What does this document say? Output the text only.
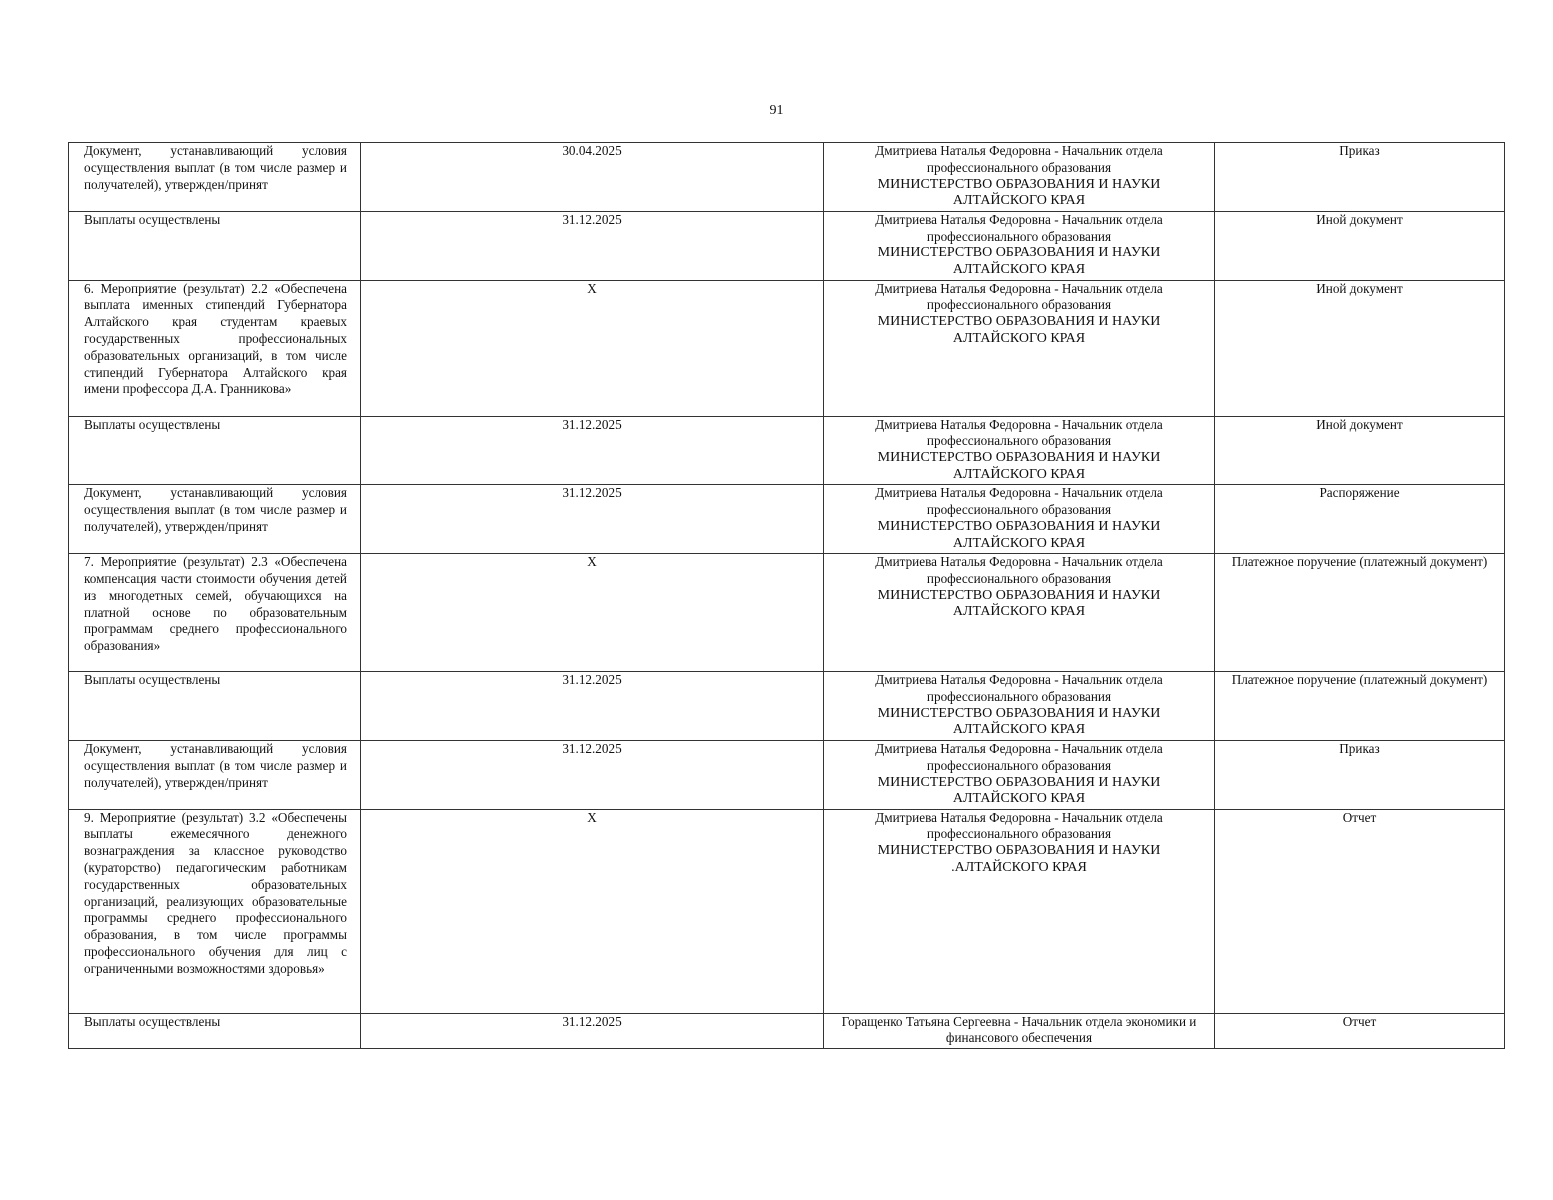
91
Документ, устанавливающий условия осуществления выплат (в том числе размер и получателей), утвержден/принят	30.04.2025	Дмитриева Наталья Федоровна - Начальник отдела профессионального образования
МИНИСТЕРСТВО ОБРАЗОВАНИЯ И НАУКИ АЛТАЙСКОГО КРАЯ	Приказ
Выплаты осуществлены	31.12.2025	Дмитриева Наталья Федоровна - Начальник отдела профессионального образования
МИНИСТЕРСТВО ОБРАЗОВАНИЯ И НАУКИ АЛТАЙСКОГО КРАЯ	Иной документ
6. Мероприятие (результат) 2.2 «Обеспечена выплата именных стипендий Губернатора Алтайского края студентам краевых государственных профессиональных образовательных организаций, в том числе стипендий Губернатора Алтайского края имени профессора Д.А. Гранникова»	X	Дмитриева Наталья Федоровна - Начальник отдела профессионального образования
МИНИСТЕРСТВО ОБРАЗОВАНИЯ И НАУКИ АЛТАЙСКОГО КРАЯ	Иной документ
Выплаты осуществлены	31.12.2025	Дмитриева Наталья Федоровна - Начальник отдела профессионального образования
МИНИСТЕРСТВО ОБРАЗОВАНИЯ И НАУКИ АЛТАЙСКОГО КРАЯ	Иной документ
Документ, устанавливающий условия осуществления выплат (в том числе размер и получателей), утвержден/принят	31.12.2025	Дмитриева Наталья Федоровна - Начальник отдела профессионального образования
МИНИСТЕРСТВО ОБРАЗОВАНИЯ И НАУКИ АЛТАЙСКОГО КРАЯ	Распоряжение
7. Мероприятие (результат) 2.3 «Обеспечена компенсация части стоимости обучения детей из многодетных семей, обучающихся на платной основе по образовательным программам среднего профессионального образования»	X	Дмитриева Наталья Федоровна - Начальник отдела профессионального образования
МИНИСТЕРСТВО ОБРАЗОВАНИЯ И НАУКИ АЛТАЙСКОГО КРАЯ	Платежное поручение (платежный документ)
Выплаты осуществлены	31.12.2025	Дмитриева Наталья Федоровна - Начальник отдела профессионального образования
МИНИСТЕРСТВО ОБРАЗОВАНИЯ И НАУКИ АЛТАЙСКОГО КРАЯ	Платежное поручение (платежный документ)
Документ, устанавливающий условия осуществления выплат (в том числе размер и получателей), утвержден/принят	31.12.2025	Дмитриева Наталья Федоровна - Начальник отдела профессионального образования
МИНИСТЕРСТВО ОБРАЗОВАНИЯ И НАУКИ АЛТАЙСКОГО КРАЯ	Приказ
9. Мероприятие (результат) 3.2 «Обеспечены выплаты ежемесячного денежного вознаграждения за классное руководство (кураторство) педагогическим работникам государственных образовательных организаций, реализующих образовательные программы среднего профессионального образования, в том числе программы профессионального обучения для лиц с ограниченными возможностями здоровья»	X	Дмитриева Наталья Федоровна - Начальник отдела профессионального образования
МИНИСТЕРСТВО ОБРАЗОВАНИЯ И НАУКИ .АЛТАЙСКОГО КРАЯ	Отчет
Выплаты осуществлены	31.12.2025	Горащенко Татьяна Сергеевна - Начальник отдела экономики и финансового обеспечения	Отчет
